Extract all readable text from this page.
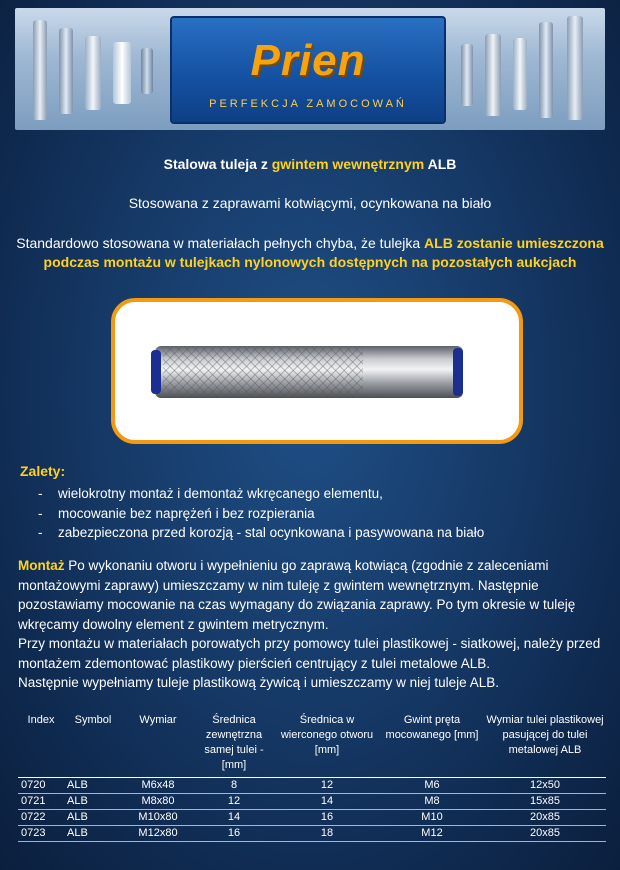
Prien
PERFEKCJA ZAMOCOWAŃ
Stalowa tuleja z gwintem wewnętrznym ALB
Stosowana z zaprawami kotwiącymi, ocynkowana na biało
Standardowo stosowana w materiałach pełnych chyba, że tulejka ALB zostanie umieszczona podczas montażu w tulejkach nylonowych dostępnych na pozostałych aukcjach
Zalety:
- wielokrotny montaż i demontaż wkręcanego elementu,
- mocowanie bez naprężeń i bez rozpierania
- zabezpieczona przed korozją - stal ocynkowana i pasywowana na biało
Montaż Po wykonaniu otworu i wypełnieniu go zaprawą kotwiącą (zgodnie z zaleceniami montażowymi zaprawy) umieszczamy w nim tuleję z gwintem wewnętrznym. Następnie pozostawiamy mocowanie na czas wymagany do związania zaprawy. Po tym okresie w tuleję wkręcamy dowolny element z gwintem metrycznym.
Przy montażu w materiałach porowatych przy pomowcy tulei plastikowej - siatkowej, należy przed montażem zdemontować plastikowy pierścień centrujący z tulei metalowe ALB.
Następnie wypełniamy tuleje plastikową żywicą i umieszczamy w niej tuleje ALB.
Index	Symbol	Wymiar	Średnica zewnętrzna samej tulei - [mm]	Średnica w wierconego otworu [mm]	Gwint pręta mocowanego [mm]	Wymiar tulei plastikowej pasującej do tulei metalowej ALB
0720	ALB	M6x48	8	12	M6	12x50
0721	ALB	M8x80	12	14	M8	15x85
0722	ALB	M10x80	14	16	M10	20x85
0723	ALB	M12x80	16	18	M12	20x85
